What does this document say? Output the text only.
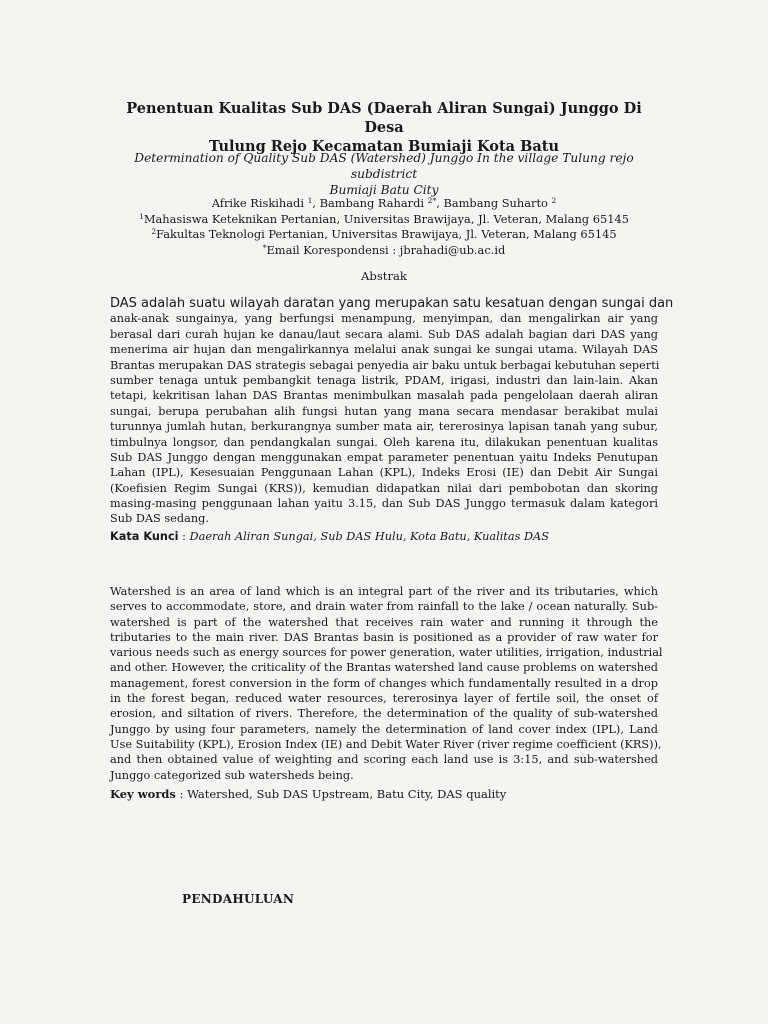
Penentuan Kualitas Sub DAS (Daerah Aliran Sungai) Junggo Di Desa
Tulung Rejo Kecamatan Bumiaji Kota Batu
Determination of Quality Sub DAS (Watershed) Junggo In the village Tulung rejo subdistrict
Bumiaji Batu City
Afrike Riskihadi $^1$, Bambang Rahardi $^{2*}$, Bambang Suharto $^2$
$^1$Mahasiswa Keteknikan Pertanian, Universitas Brawijaya, Jl. Veteran, Malang 65145
$^2$Fakultas Teknologi Pertanian, Universitas Brawijaya, Jl. Veteran, Malang 65145
*Email Korespondensi : jbrahadi@ub.ac.id
Abstrak
DAS adalah suatu wilayah daratan yang merupakan satu kesatuan dengan sungai dan
anak-anak sungainya, yang berfungsi menampung, menyimpan, dan mengalirkan air yang
berasal dari curah hujan ke danau/laut secara alami. Sub DAS adalah bagian dari DAS yang
menerima air hujan dan mengalirkannya melalui anak sungai ke sungai utama. Wilayah DAS
Brantas merupakan DAS strategis sebagai penyedia air baku untuk berbagai kebutuhan seperti
sumber tenaga untuk pembangkit tenaga listrik, PDAM, irigasi, industri dan lain-lain. Akan
tetapi, kekritisan lahan DAS Brantas menimbulkan masalah pada pengelolaan daerah aliran
sungai, berupa perubahan alih fungsi hutan yang mana secara mendasar berakibat mulai
turunnya jumlah hutan, berkurangnya sumber mata air, tererosinya lapisan tanah yang subur,
timbulnya longsor, dan pendangkalan sungai. Oleh karena itu, dilakukan penentuan kualitas
Sub DAS Junggo dengan menggunakan empat parameter penentuan yaitu Indeks Penutupan
Lahan (IPL), Kesesuaian Penggunaan Lahan (KPL), Indeks Erosi (IE) dan Debit Air Sungai
(Koefisien Regim Sungai (KRS)), kemudian didapatkan nilai dari pembobotan dan skoring
masing-masing penggunaan lahan yaitu 3.15, dan Sub DAS Junggo termasuk dalam kategori
Sub DAS sedang.
Kata Kunci : Daerah Aliran Sungai, Sub DAS Hulu, Kota Batu, Kualitas DAS
Watershed is an area of land which is an integral part of the river and its tributaries, which
serves to accommodate, store, and drain water from rainfall to the lake / ocean naturally. Sub-
watershed is part of the watershed that receives rain water and running it through the
tributaries to the main river. DAS Brantas basin is positioned as a provider of raw water for
various needs such as energy sources for power generation, water utilities, irrigation, industrial
and other. However, the criticality of the Brantas watershed land cause problems on watershed
management, forest conversion in the form of changes which fundamentally resulted in a drop
in the forest began, reduced water resources, tererosinya layer of fertile soil, the onset of
erosion, and siltation of rivers. Therefore, the determination of the quality of sub-watershed
Junggo by using four parameters, namely the determination of land cover index (IPL), Land
Use Suitability (KPL), Erosion Index (IE) and Debit Water River (river regime coefficient (KRS)),
and then obtained value of weighting and scoring each land use is 3:15, and sub-watershed
Junggo categorized sub watersheds being.
Key words : Watershed, Sub DAS Upstream, Batu City, DAS quality
PENDAHULUAN
